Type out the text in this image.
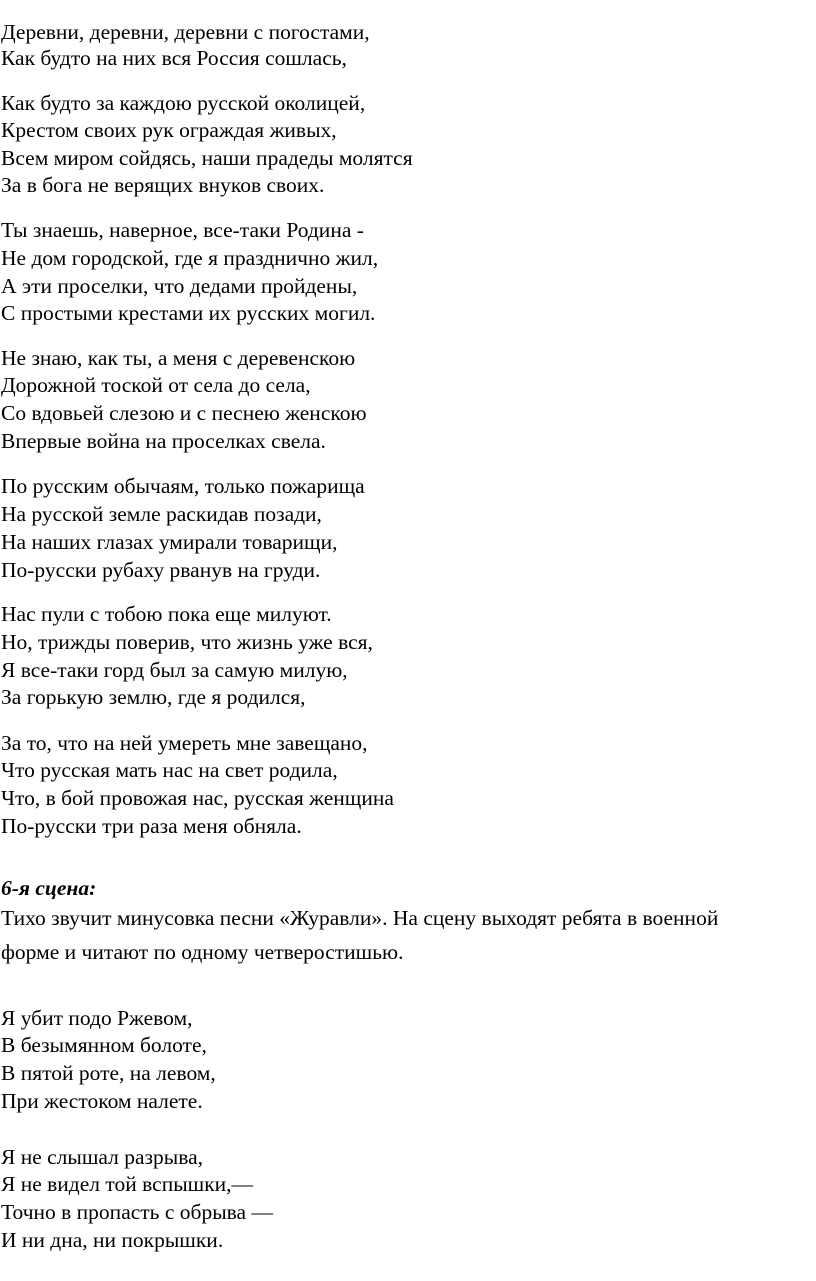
Деревни, деревни, деревни с погостами,
Как будто на них вся Россия сошлась,
Как будто за каждою русской околицей,
Крестом своих рук ограждая живых,
Всем миром сойдясь, наши прадеды молятся
За в бога не верящих внуков своих.
Ты знаешь, наверное, все-таки Родина -
Не дом городской, где я празднично жил,
А эти проселки, что дедами пройдены,
С простыми крестами их русских могил.
Не знаю, как ты, а меня с деревенскою
Дорожной тоской от села до села,
Со вдовьей слезою и с песнею женскою
Впервые война на проселках свела.
По русским обычаям, только пожарища
На русской земле раскидав позади,
На наших глазах умирали товарищи,
По-русски рубаху рванув на груди.
Нас пули с тобою пока еще милуют.
Но, трижды поверив, что жизнь уже вся,
Я все-таки горд был за самую милую,
За горькую землю, где я родился,
За то, что на ней умереть мне завещано,
Что русская мать нас на свет родила,
Что, в бой провожая нас, русская женщина
По-русски три раза меня обняла.
6-я сцена:
Тихо звучит минусовка песни «Журавли». На сцену выходят ребята в военной
форме и читают по одному четверостишью.
Я убит подо Ржевом,
В безымянном болоте,
В пятой роте, на левом,
При жестоком налете.
Я не слышал разрыва,
Я не видел той вспышки,—
Точно в пропасть с обрыва —
И ни дна, ни покрышки.
